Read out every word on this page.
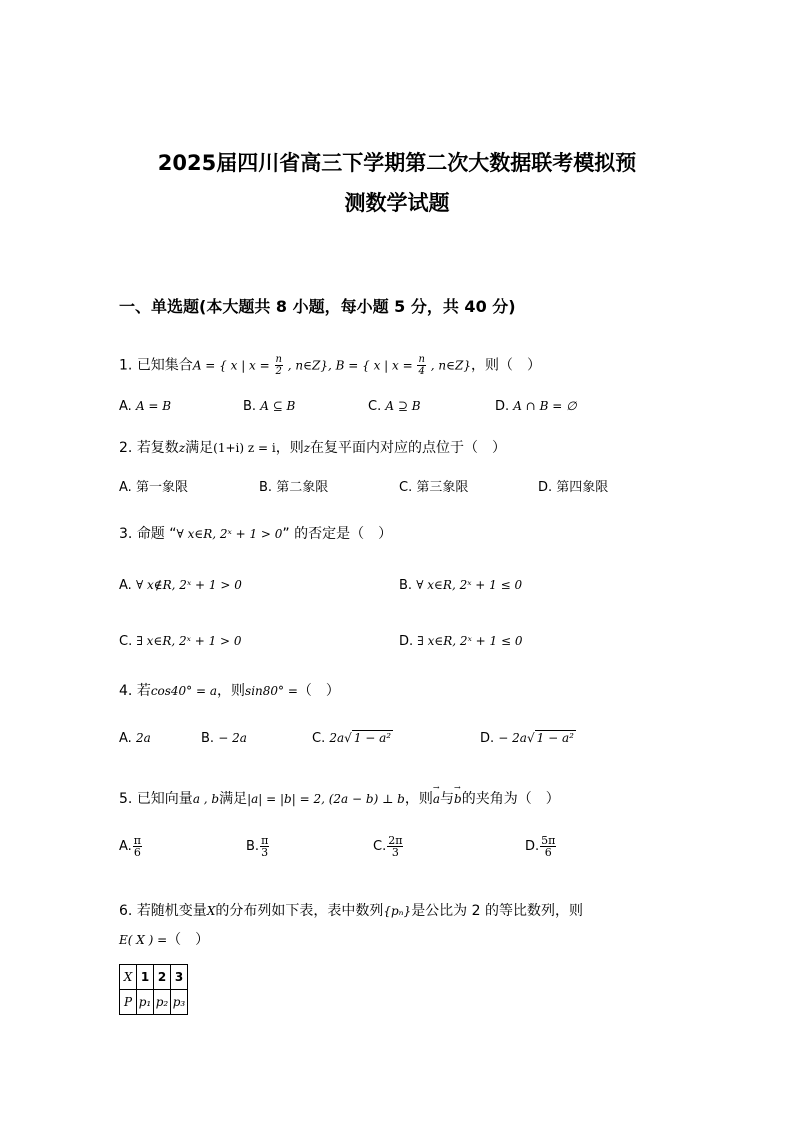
2025届四川省高三下学期第二次大数据联考模拟预
测数学试题
一、单选题(本大题共 8 小题，每小题 5 分，共 40 分)
1. 已知集合A = { x | $x = \frac{n}{2}$ , n∈Z}, B = { x | $x = \frac{n}{4}$ , n∈Z}，则（　）
A. A = B	B. A ⊆ B	C. A ⊇ B	D. A ∩ B = ∅
2. 若复数z满足(1+i) z = i，则z在复平面内对应的点位于（　）
A. 第一象限	B. 第二象限	C. 第三象限	D. 第四象限
3. 命题 “∀ x∈R, 2ˣ + 1 > 0” 的否定是（　）
A. ∀ x∉R, 2ˣ + 1 > 0	B. ∀ x∈R, 2ˣ + 1 ≤ 0
C. ∃ x∈R, 2ˣ + 1 > 0	D. ∃ x∈R, 2ˣ + 1 ≤ 0
4. 若cos40° = a，则sin80° =（　）
A. 2a	B. − 2a	C. 2a√ 1 − a²	D. − 2a√ 1 − a²
5. 已知向量a , b满足|a| = |b| = 2, (2a − b) ⊥ b，则→ a与→ b的夹角为（　）
A. $\frac{\pi}{6}$	B. $\frac{\pi}{3}$	C. $\frac{2\pi}{3}$	D. $\frac{5\pi}{6}$
6. 若随机变量X的分布列如下表，表中数列{pₙ}是公比为 2 的等比数列，则
E( X ) =（　）
X	1	2	3
P	p₁	p₂	p₃
